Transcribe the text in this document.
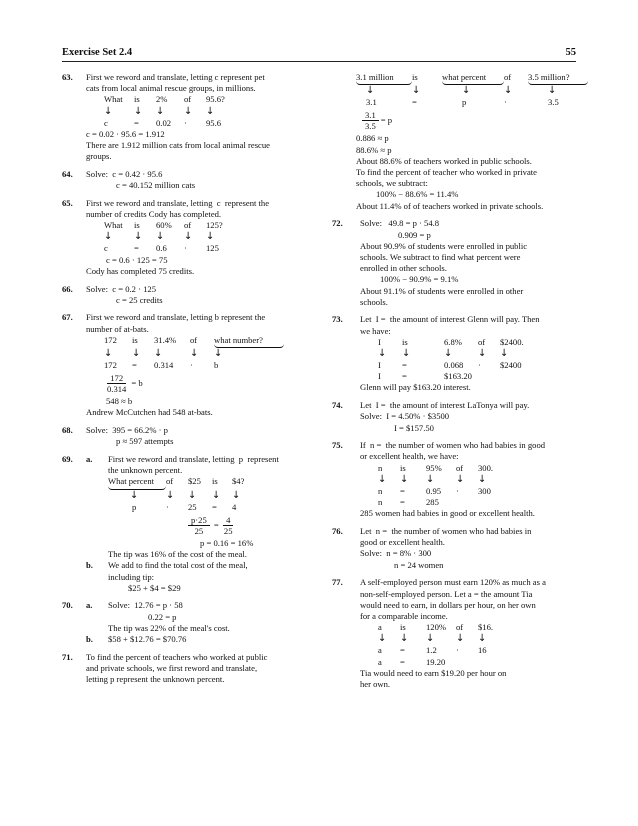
Exercise Set 2.4	55
63. First we reword and translate, letting c represent pet
cats from local animal rescue groups, in millions.
What	is	2%	of	95.6?
↓	↓	↓	↓	↓
c	=	0.02	·	95.6
c = 0.02 · 95.6 = 1.912
There are 1.912 million cats from local animal rescue
groups.
64. Solve:  c = 0.42 · 95.6
c = 40.152 million cats
65. First we reword and translate, letting  c  represent the
number of credits Cody has completed.
What	is	60%	of	125?
↓	↓	↓	↓	↓
c	=	0.6	·	125
c = 0.6 · 125 = 75
Cody has completed 75 credits.
66. Solve:  c = 0.2 · 125
c = 25 credits
67. First we reword and translate, letting b represent the
number of at-bats.
172	is	31.4%	of	what number?
↓	↓	↓	↓	↓
172	=	0.314	·	b
$\frac{172}{0.314} = b$
548 ≈ b
Andrew McCutchen had 548 at-bats.
68. Solve:  395 = 66.2% · p
p ≈ 597 attempts
69. a. First we reword and translate, letting  p  represent
the unknown percent.
What percent	of	$25	is	$4?
↓	↓	↓	↓	↓
p	·	25	=	4
$\frac{p\cdot 25}{25} = \frac{4}{25}$
p = 0.16 = 16%
The tip was 16% of the cost of the meal.
b. We add to find the total cost of the meal,
including tip:
$25 + $4 = $29
70. a. Solve:  12.76 = p · 58
0.22 = p
The tip was 22% of the meal's cost.
b. $58 + $12.76 = $70.76
71. To find the percent of teachers who worked at public
and private schools, we first reword and translate,
letting p represent the unknown percent.
3.1 million	is	what percent	of	3.5 million?
↓	↓	↓	↓	↓
3.1	=	p	·	3.5
$\frac{3.1}{3.5} = p$
0.886 ≈ p
88.6% ≈ p
About 88.6% of teachers worked in public schools.
To find the percent of teacher who worked in private
schools, we subtract:
100% − 88.6% = 11.4%
About 11.4% of of teachers worked in private schools.
72. Solve:   49.8 = p · 54.8
0.909 = p
About 90.9% of students were enrolled in public
schools. We subtract to find what percent were
enrolled in other schools.
100% − 90.9% = 9.1%
About 91.1% of students were enrolled in other
schools.
73. Let  I =  the amount of interest Glenn will pay. Then
we have:
I	is	6.8%	of	$2400.
↓	↓	↓	↓	↓
I	=	0.068	·	$2400
I	=	$163.20
Glenn will pay $163.20 interest.
74. Let  I =  the amount of interest LaTonya will pay.
Solve:  I = 4.50% · $3500
I = $157.50
75. If  n =  the number of women who had babies in good
or excellent health, we have:
n	is	95%	of	300.
↓	↓	↓	↓	↓
n	=	0.95	·	300
n	=	285
285 women had babies in good or excellent health.
76. Let  n =  the number of women who had babies in
good or excellent health.
Solve:  n = 8% · 300
n = 24 women
77. A self-employed person must earn 120% as much as a
non-self-employed person. Let a = the amount Tia
would need to earn, in dollars per hour, on her own
for a comparable income.
a	is	120%	of	$16.
↓	↓	↓	↓	↓
a	=	1.2	·	16
a	=	19.20
Tia would need to earn $19.20 per hour on
her own.
